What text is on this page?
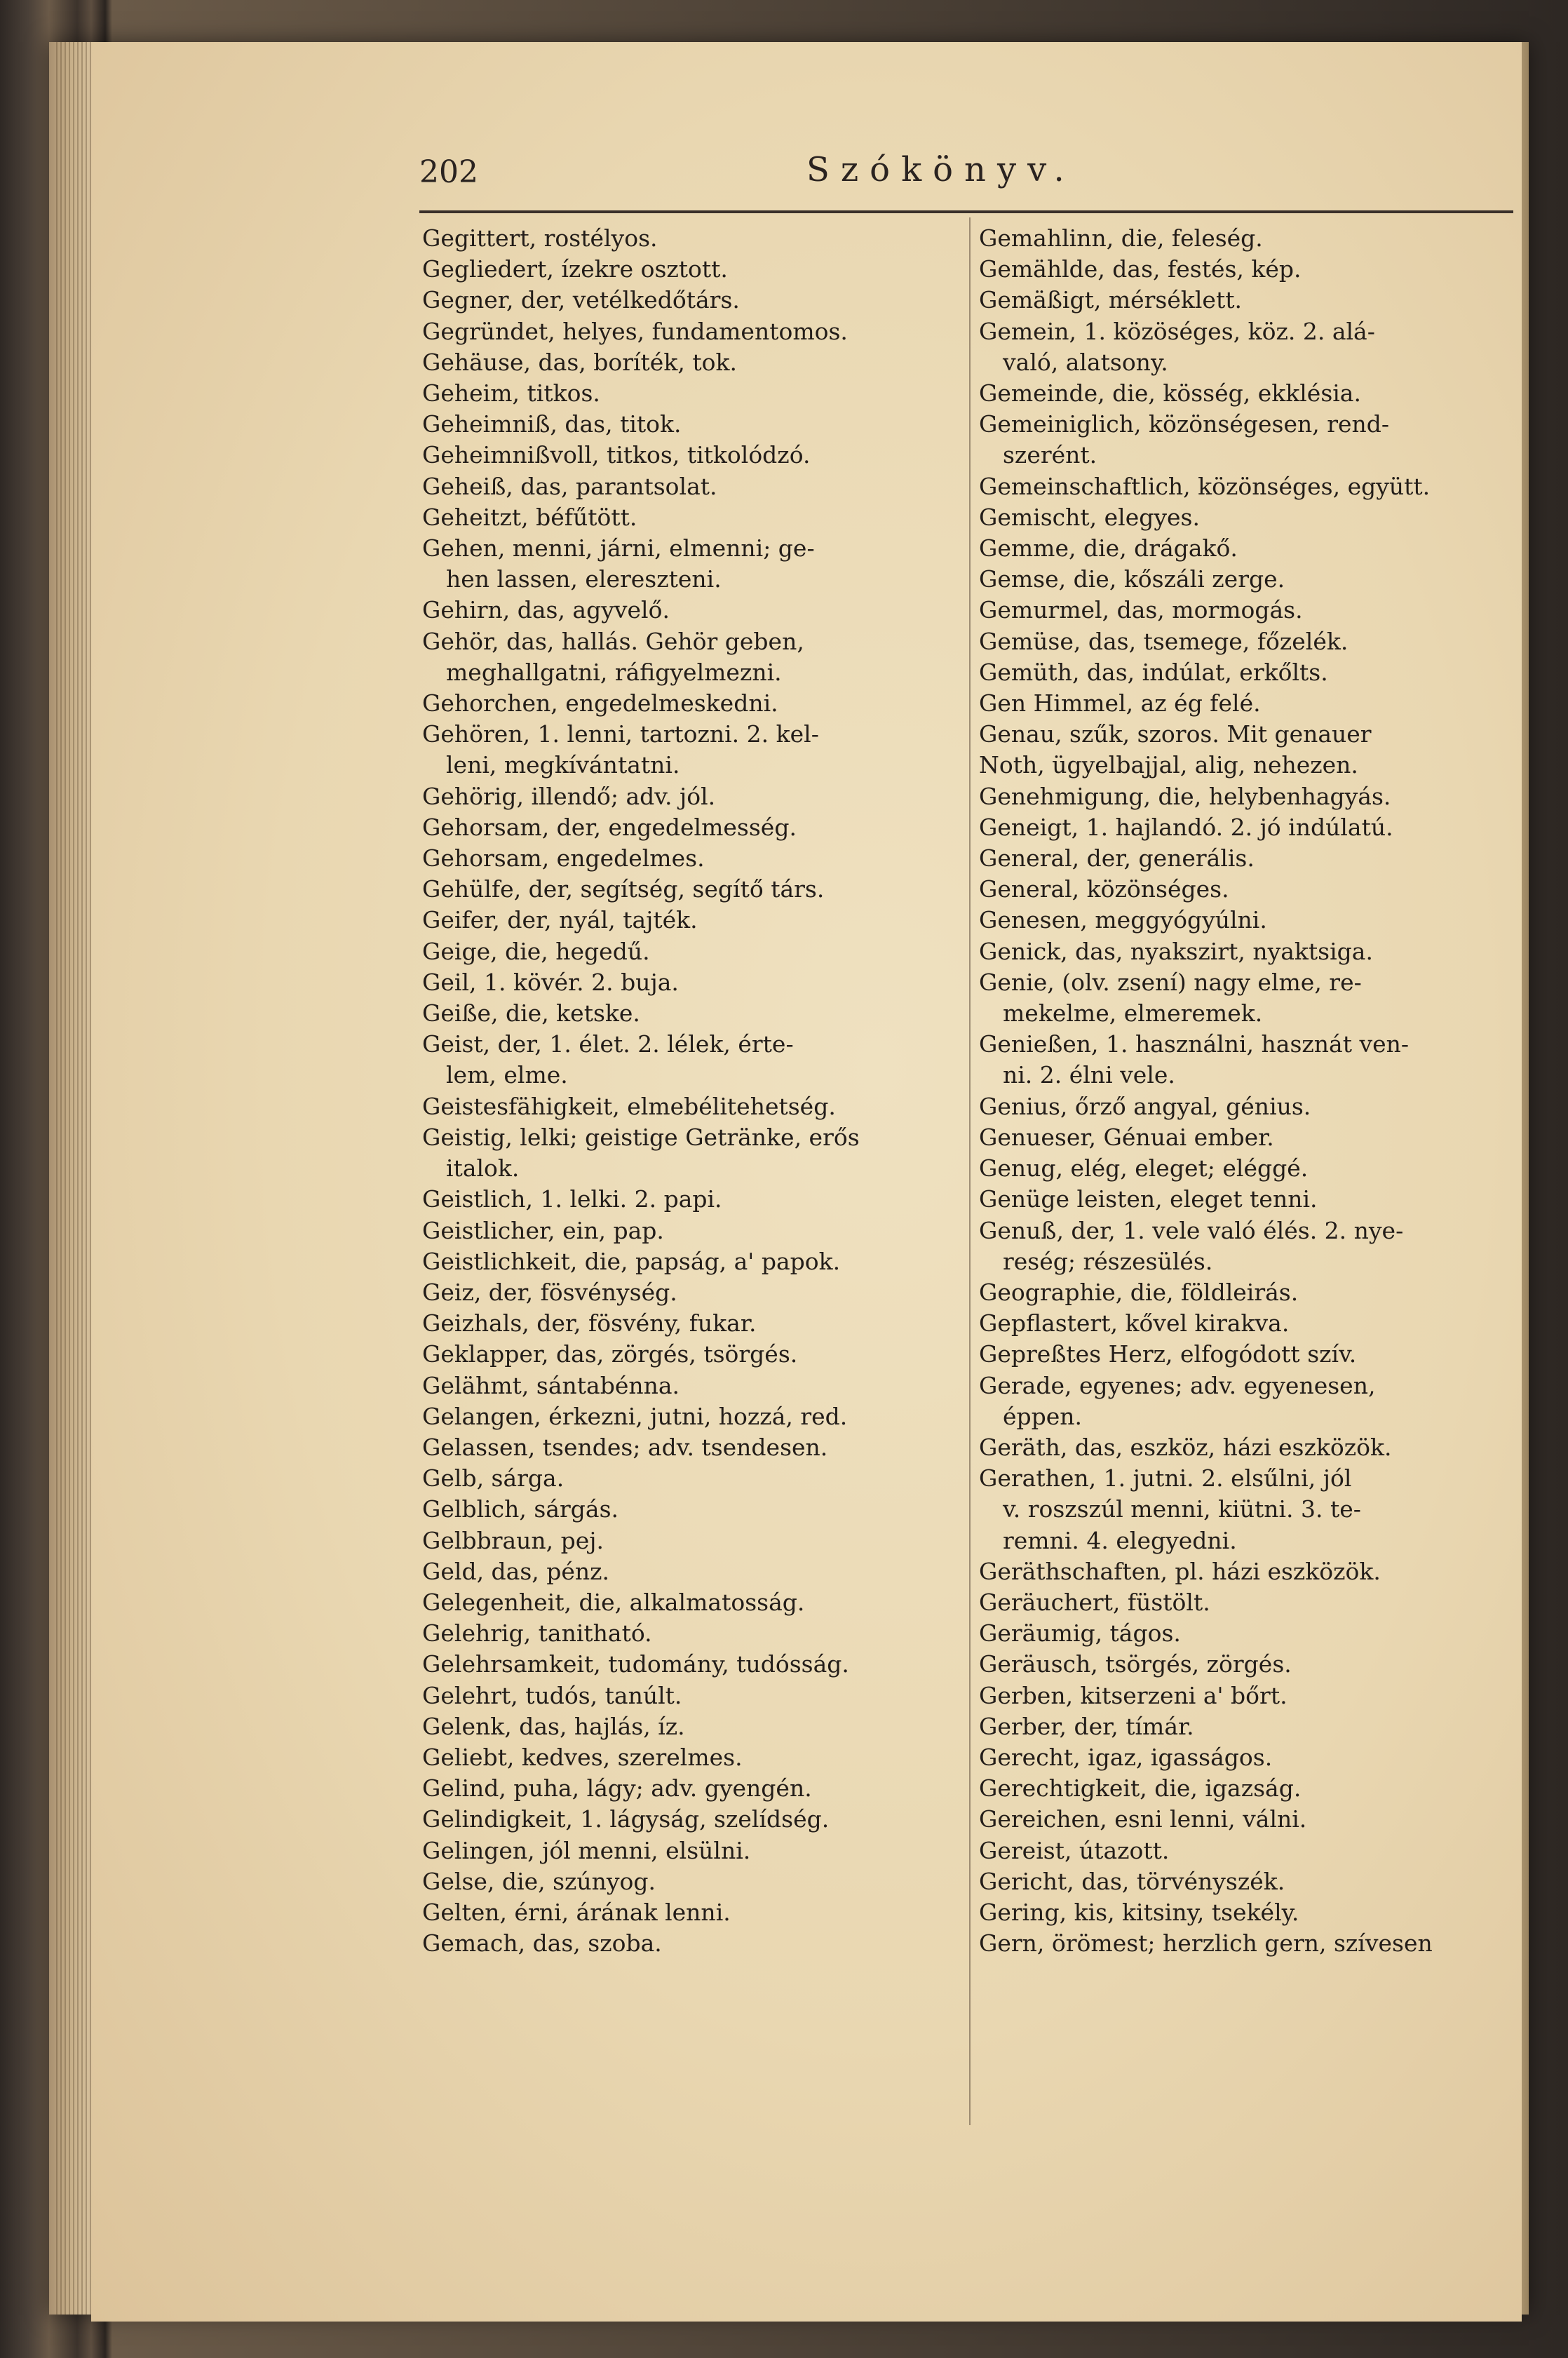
202	Szókönyv.
Gegittert, rostélyos.
Gegliedert, ízekre osztott.
Gegner, der, vetélkedőtárs.
Gegründet, helyes, fundamentomos.
Gehäuse, das, boríték, tok.
Geheim, titkos.
Geheimniß, das, titok.
Geheimnißvoll, titkos, titkolódzó.
Geheiß, das, parantsolat.
Geheitzt, béfűtött.
Gehen, menni, járni, elmenni; ge-
hen lassen, elereszteni.
Gehirn, das, agyvelő.
Gehör, das, hallás. Gehör geben,
meghallgatni, ráfigyelmezni.
Gehorchen, engedelmeskedni.
Gehören, 1. lenni, tartozni. 2. kel-
leni, megkívántatni.
Gehörig, illendő; adv. jól.
Gehorsam, der, engedelmesség.
Gehorsam, engedelmes.
Gehülfe, der, segítség, segítő társ.
Geifer, der, nyál, tajték.
Geige, die, hegedű.
Geil, 1. kövér. 2. buja.
Geiße, die, ketske.
Geist, der, 1. élet. 2. lélek, érte-
lem, elme.
Geistesfähigkeit, elmebélitehetség.
Geistig, lelki; geistige Getränke, erős
italok.
Geistlich, 1. lelki. 2. papi.
Geistlicher, ein, pap.
Geistlichkeit, die, papság, a' papok.
Geiz, der, fösvénység.
Geizhals, der, fösvény, fukar.
Geklapper, das, zörgés, tsörgés.
Gelähmt, sántabénna.
Gelangen, érkezni, jutni, hozzá, red.
Gelassen, tsendes; adv. tsendesen.
Gelb, sárga.
Gelblich, sárgás.
Gelbbraun, pej.
Geld, das, pénz.
Gelegenheit, die, alkalmatosság.
Gelehrig, tanitható.
Gelehrsamkeit, tudomány, tudósság.
Gelehrt, tudós, tanúlt.
Gelenk, das, hajlás, íz.
Geliebt, kedves, szerelmes.
Gelind, puha, lágy; adv. gyengén.
Gelindigkeit, 1. lágyság, szelídség.
Gelingen, jól menni, elsülni.
Gelse, die, szúnyog.
Gelten, érni, árának lenni.
Gemach, das, szoba.
Gemahlinn, die, feleség.
Gemählde, das, festés, kép.
Gemäßigt, mérséklett.
Gemein, 1. közöséges, köz. 2. alá-
való, alatsony.
Gemeinde, die, kösség, ekklésia.
Gemeiniglich, közönségesen, rend-
szerént.
Gemeinschaftlich, közönséges, együtt.
Gemischt, elegyes.
Gemme, die, drágakő.
Gemse, die, kőszáli zerge.
Gemurmel, das, mormogás.
Gemüse, das, tsemege, főzelék.
Gemüth, das, indúlat, erkőlts.
Gen Himmel, az ég felé.
Genau, szűk, szoros. Mit genauer
Noth, ügyelbajjal, alig, nehezen.
Genehmigung, die, helybenhagyás.
Geneigt, 1. hajlandó. 2. jó indúlatú.
General, der, generális.
General, közönséges.
Genesen, meggyógyúlni.
Genick, das, nyakszirt, nyaktsiga.
Genie, (olv. zsení) nagy elme, re-
mekelme, elmeremek.
Genießen, 1. használni, hasznát ven-
ni. 2. élni vele.
Genius, őrző angyal, génius.
Genueser, Génuai ember.
Genug, elég, eleget; eléggé.
Genüge leisten, eleget tenni.
Genuß, der, 1. vele való élés. 2. nye-
reség; részesülés.
Geographie, die, földleirás.
Gepflastert, kővel kirakva.
Gepreßtes Herz, elfogódott szív.
Gerade, egyenes; adv. egyenesen,
éppen.
Geräth, das, eszköz, házi eszközök.
Gerathen, 1. jutni. 2. elsűlni, jól
v. roszszúl menni, kiütni. 3. te-
remni. 4. elegyedni.
Geräthschaften, pl. házi eszközök.
Geräuchert, füstölt.
Geräumig, tágos.
Geräusch, tsörgés, zörgés.
Gerben, kitserzeni a' bőrt.
Gerber, der, tímár.
Gerecht, igaz, igasságos.
Gerechtigkeit, die, igazság.
Gereichen, esni lenni, válni.
Gereist, útazott.
Gericht, das, törvényszék.
Gering, kis, kitsiny, tsekély.
Gern, örömest; herzlich gern, szívesen
